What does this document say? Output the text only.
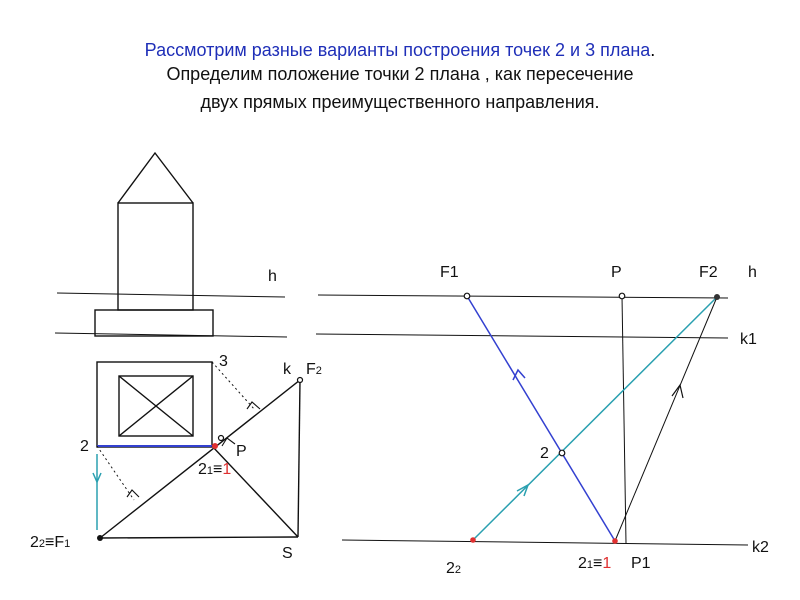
Рассмотрим разные варианты построения точек 2 и 3 плана.
Определим положение точки 2 плана , как пересечение
двух прямых преимущественного направления.
h
3	k F2
2	P
21≡1
22≡F1
S
F1	P	F2 h
k1
2
k2
22	21≡1 P1
